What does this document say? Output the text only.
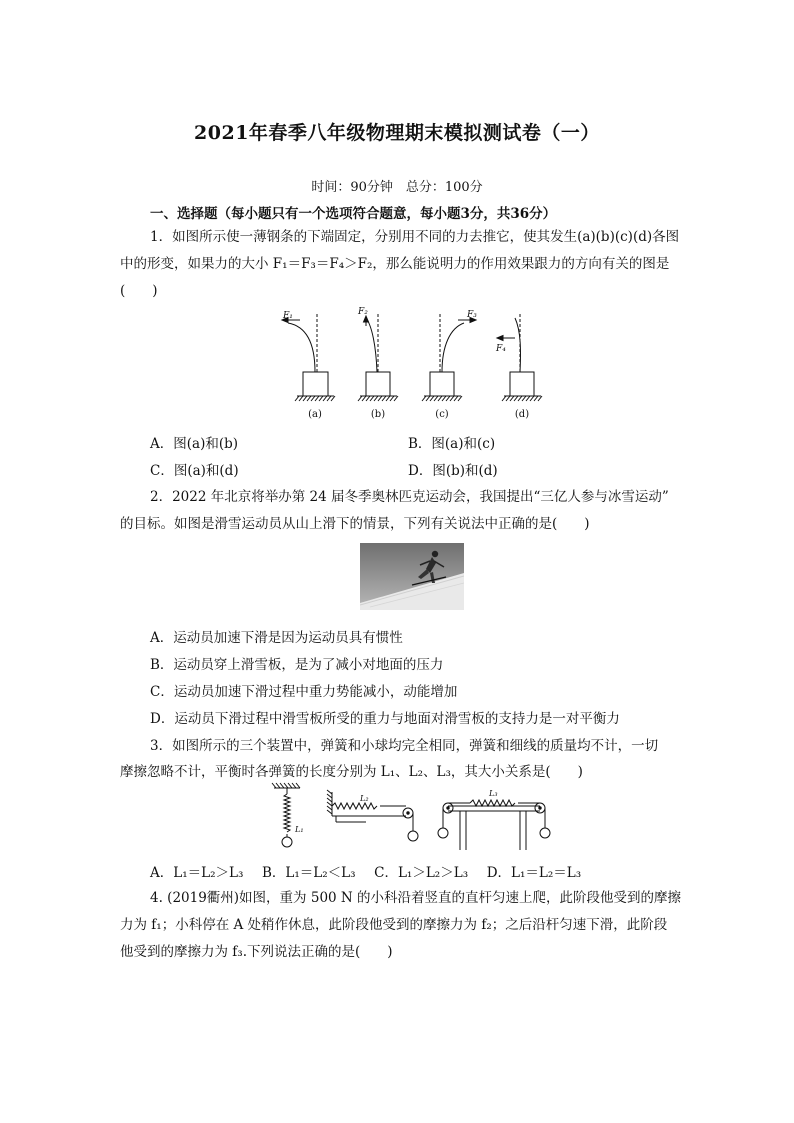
2021年春季八年级物理期末模拟测试卷（一）
时间：90分钟　总分：100分
一、选择题（每小题只有一个选项符合题意，每小题3分，共36分）
1．如图所示使一薄钢条的下端固定，分别用不同的力去推它，使其发生(a)(b)(c)(d)各图
中的形变，如果力的大小 F₁＝F₃＝F₄＞F₂，那么能说明力的作用效果跟力的方向有关的图是
(　　)
F₁	F₂	F₃
F₄
(a)	(b)	(c)	(d)
A．图(a)和(b)	B．图(a)和(c)
C．图(a)和(d)	D．图(b)和(d)
2．2022 年北京将举办第 24 届冬季奥林匹克运动会，我国提出“三亿人参与冰雪运动”
的目标。如图是滑雪运动员从山上滑下的情景，下列有关说法中正确的是(　　)
A．运动员加速下滑是因为运动员具有惯性
B．运动员穿上滑雪板，是为了减小对地面的压力
C．运动员加速下滑过程中重力势能减小，动能增加
D．运动员下滑过程中滑雪板所受的重力与地面对滑雪板的支持力是一对平衡力
3．如图所示的三个装置中，弹簧和小球均完全相同，弹簧和细线的质量均不计，一切
摩擦忽略不计，平衡时各弹簧的长度分别为 L₁、L₂、L₃，其大小关系是(　　)
L₁
L₂
L₃
A．L₁＝L₂＞L₃ B．L₁＝L₂＜L₃ C．L₁＞L₂＞L₃ D．L₁＝L₂＝L₃
4. (2019衢州)如图，重为 500 N 的小科沿着竖直的直杆匀速上爬，此阶段他受到的摩擦
力为 f₁；小科停在 A 处稍作休息，此阶段他受到的摩擦力为 f₂；之后沿杆匀速下滑，此阶段
他受到的摩擦力为 f₃.下列说法正确的是(　　)
